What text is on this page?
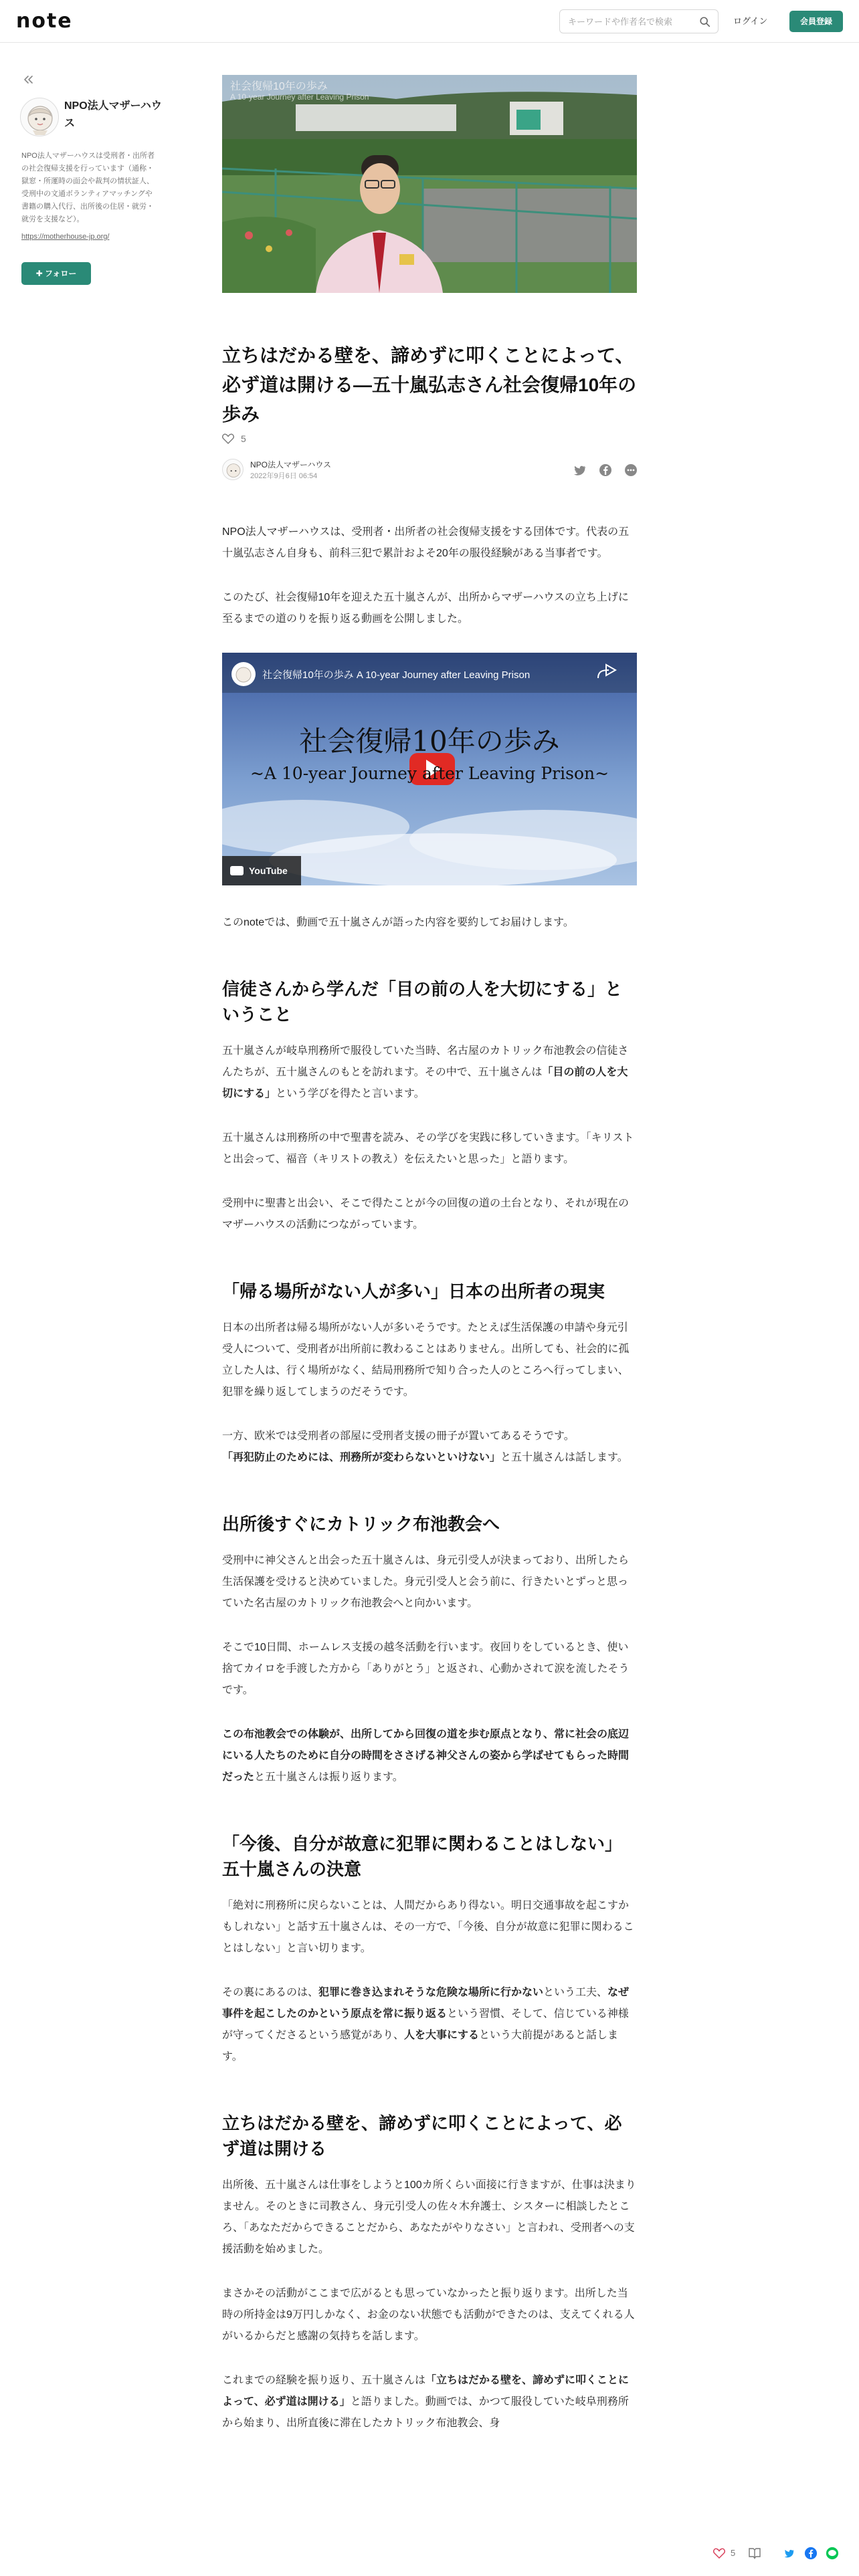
note
キーワードや作者名で検索	ログイン	会員登録
NPO法人マザーハウス
NPO法人マザーハウスは受刑者・出所者の社会復帰支援を行っています（通称・獄窓・所運時の面会や裁判の情状証人、受刑中の文通ボランティアマッチングや書籍の購入代行、出所後の住居・就労・就労を支援など）。
https://motherhouse-jp.org/
✚ フォロー
社会復帰10年の歩み
A 10-year Journey after Leaving Prison
立ちはだかる壁を、諦めずに叩くことによって、必ず道は開ける―五十嵐弘志さん社会復帰10年の歩み
5
NPO法人マザーハウス
2022年9月6日 06:54

NPO法人マザーハウスは、受刑者・出所者の社会復帰支援をする団体です。代表の五十嵐弘志さん自身も、前科三犯で累計およそ20年の服役経験がある当事者です。

このたび、社会復帰10年を迎えた五十嵐さんが、出所からマザーハウスの立ち上げに至るまでの道のりを振り返る動画を公開しました。

社会復帰10年の歩み A 10-year Journey after Leaving Prison
社会復帰10年の歩み
~A 10-year Journey after Leaving Prison~
YouTube

このnoteでは、動画で五十嵐さんが語った内容を要約してお届けします。

信徒さんから学んだ「目の前の人を大切にする」ということ

五十嵐さんが岐阜刑務所で服役していた当時、名古屋のカトリック布池教会の信徒さんたちが、五十嵐さんのもとを訪れます。その中で、五十嵐さんは「目の前の人を大切にする」という学びを得たと言います。

五十嵐さんは刑務所の中で聖書を読み、その学びを実践に移していきます。「キリストと出会って、福音（キリストの教え）を伝えたいと思った」と語ります。

受刑中に聖書と出会い、そこで得たことが今の回復の道の土台となり、それが現在のマザーハウスの活動につながっています。

「帰る場所がない人が多い」日本の出所者の現実

日本の出所者は帰る場所がない人が多いそうです。たとえば生活保護の申請や身元引受人について、受刑者が出所前に教わることはありません。出所しても、社会的に孤立した人は、行く場所がなく、結局刑務所で知り合った人のところへ行ってしまい、犯罪を繰り返してしまうのだそうです。

一方、欧米では受刑者の部屋に受刑者支援の冊子が置いてあるそうです。
「再犯防止のためには、刑務所が変わらないといけない」と五十嵐さんは話します。

出所後すぐにカトリック布池教会へ

受刑中に神父さんと出会った五十嵐さんは、身元引受人が決まっており、出所したら生活保護を受けると決めていました。身元引受人と会う前に、行きたいとずっと思っていた名古屋のカトリック布池教会へと向かいます。

そこで10日間、ホームレス支援の越冬活動を行います。夜回りをしているとき、使い捨てカイロを手渡した方から「ありがとう」と返され、心動かされて涙を流したそうです。

この布池教会での体験が、出所してから回復の道を歩む原点となり、常に社会の底辺にいる人たちのために自分の時間をささげる神父さんの姿から学ばせてもらった時間だったと五十嵐さんは振り返ります。

「今後、自分が故意に犯罪に関わることはしない」五十嵐さんの決意

「絶対に刑務所に戻らないことは、人間だからあり得ない。明日交通事故を起こすかもしれない」と話す五十嵐さんは、その一方で、「今後、自分が故意に犯罪に関わることはしない」と言い切ります。

その裏にあるのは、犯罪に巻き込まれそうな危険な場所に行かないという工夫、なぜ事件を起こしたのかという原点を常に振り返るという習慣、そして、信じている神様が守ってくださるという感覚があり、人を大事にするという大前提があると話します。

立ちはだかる壁を、諦めずに叩くことによって、必ず道は開ける

出所後、五十嵐さんは仕事をしようと100カ所くらい面接に行きますが、仕事は決まりません。そのときに司教さん、身元引受人の佐々木弁護士、シスターに相談したところ、「あなただからできることだから、あなたがやりなさい」と言われ、受刑者への支援活動を始めました。

まさかその活動がここまで広がるとも思っていなかったと振り返ります。出所した当時の所持金は9万円しかなく、お金のない状態でも活動ができたのは、支えてくれる人がいるからだと感謝の気持ちを話します。

これまでの経験を振り返り、五十嵐さんは「立ちはだかる壁を、諦めずに叩くことによって、必ず道は開ける」と語りました。動画では、かつて服役していた岐阜刑務所から始まり、出所直後に滞在したカトリック布池教会、身

5
